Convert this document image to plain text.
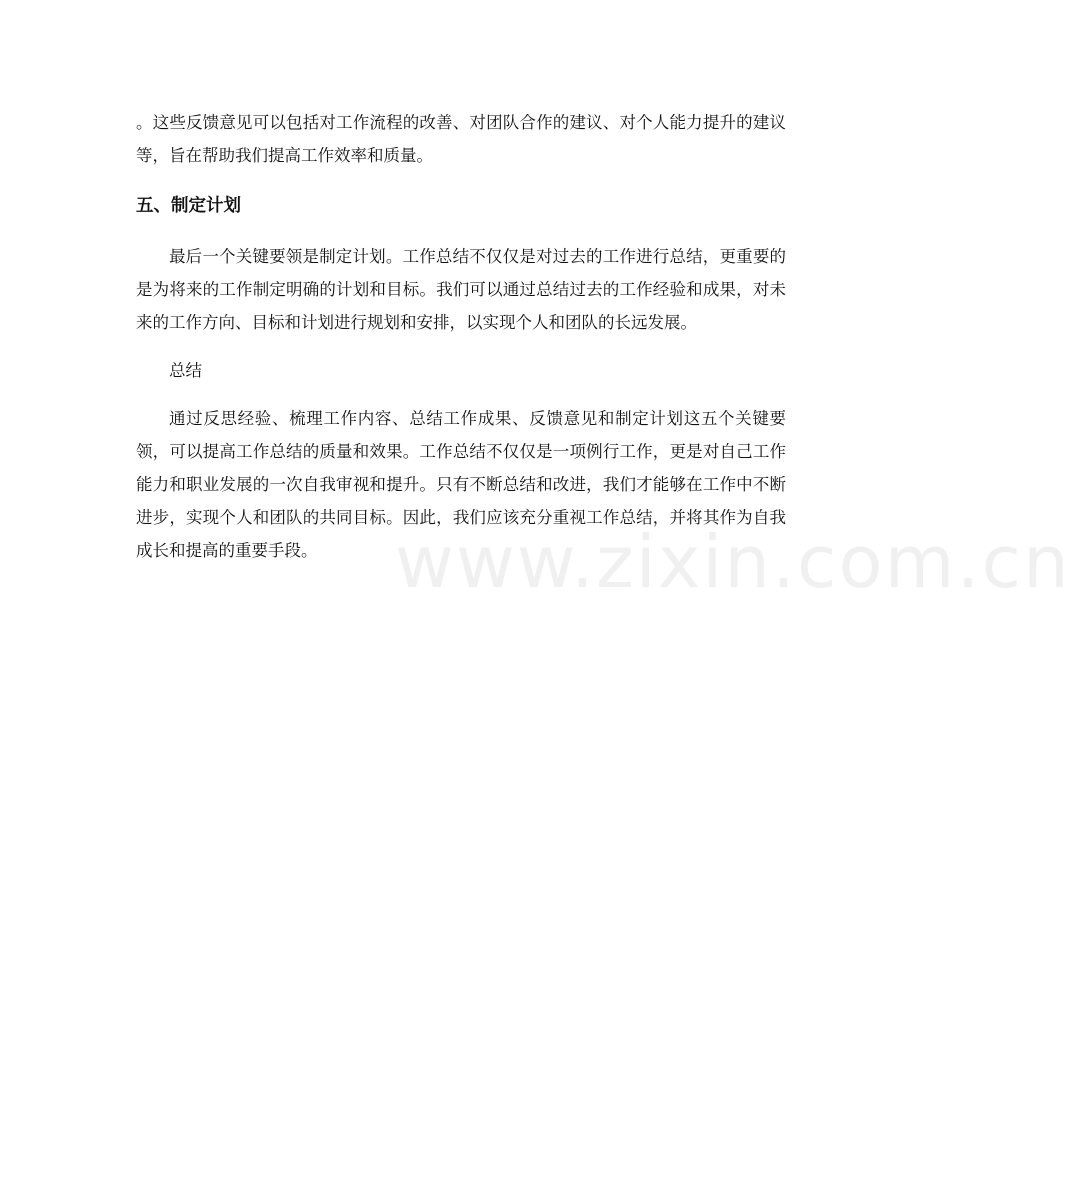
www.zixin.com.cn

。这些反馈意见可以包括对工作流程的改善、对团队合作的建议、对个人能力提升的建议等，旨在帮助我们提高工作效率和质量。

五、制定计划

最后一个关键要领是制定计划。工作总结不仅仅是对过去的工作进行总结，更重要的是为将来的工作制定明确的计划和目标。我们可以通过总结过去的工作经验和成果，对未来的工作方向、目标和计划进行规划和安排，以实现个人和团队的长远发展。

总结

通过反思经验、梳理工作内容、总结工作成果、反馈意见和制定计划这五个关键要领，可以提高工作总结的质量和效果。工作总结不仅仅是一项例行工作，更是对自己工作能力和职业发展的一次自我审视和提升。只有不断总结和改进，我们才能够在工作中不断进步，实现个人和团队的共同目标。因此，我们应该充分重视工作总结，并将其作为自我成长和提高的重要手段。
